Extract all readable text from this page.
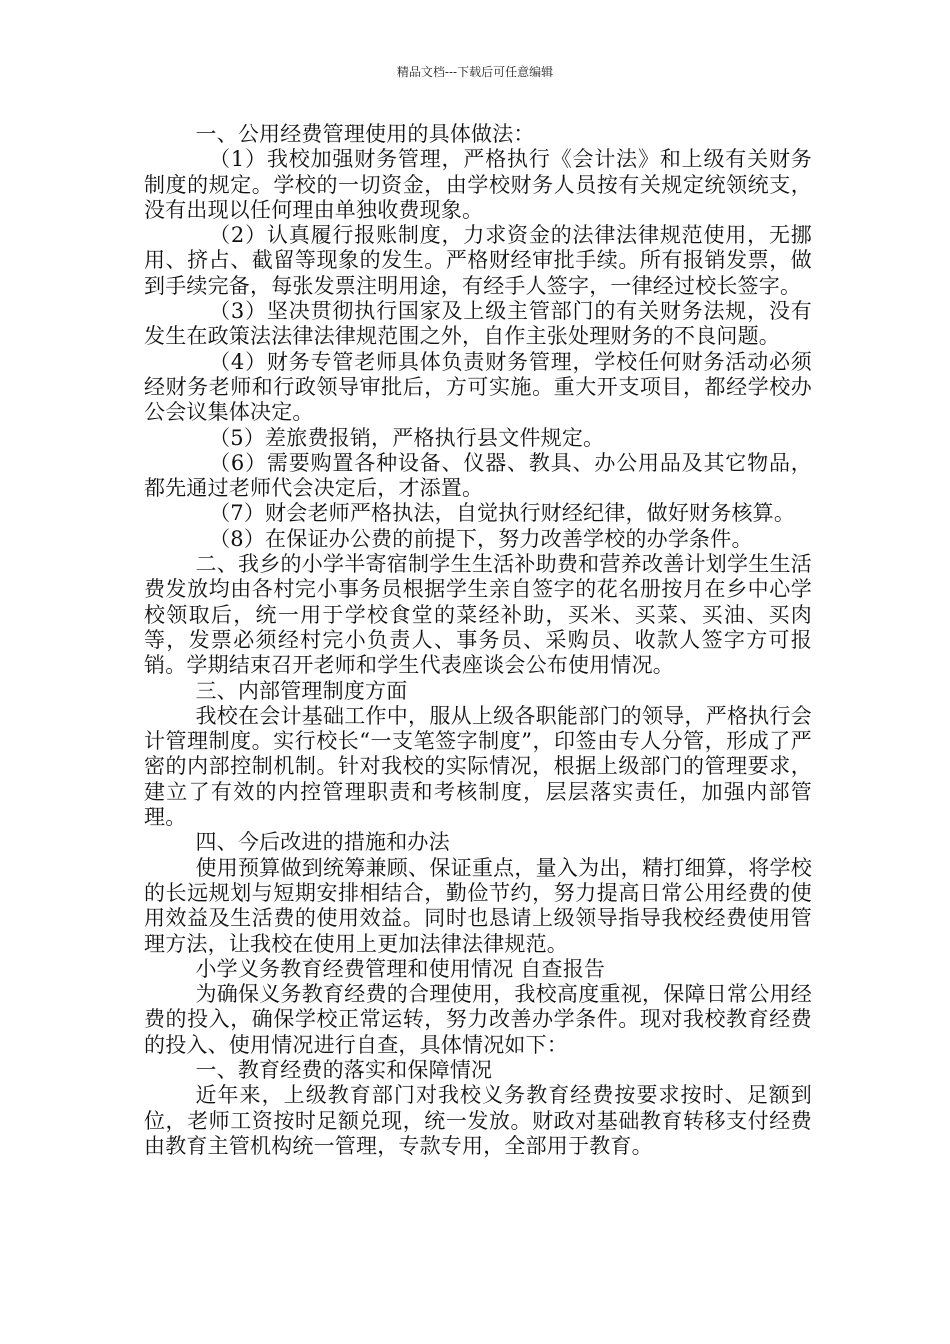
精品文档---下载后可任意编辑

一、公用经费管理使用的具体做法：

（1）我校加强财务管理，严格执行《会计法》和上级有关财务制度的规定。学校的一切资金，由学校财务人员按有关规定统领统支，没有出现以任何理由单独收费现象。

（2）认真履行报账制度，力求资金的法律法律规范使用，无挪用、挤占、截留等现象的发生。严格财经审批手续。所有报销发票，做到手续完备，每张发票注明用途，有经手人签字，一律经过校长签字。

（3）坚决贯彻执行国家及上级主管部门的有关财务法规，没有发生在政策法法律法律规范围之外，自作主张处理财务的不良问题。

（4）财务专管老师具体负责财务管理，学校任何财务活动必须经财务老师和行政领导审批后，方可实施。重大开支项目，都经学校办公会议集体决定。

（5）差旅费报销，严格执行县文件规定。

（6）需要购置各种设备、仪器、教具、办公用品及其它物品，都先通过老师代会决定后，才添置。

（7）财会老师严格执法，自觉执行财经纪律，做好财务核算。

（8）在保证办公费的前提下，努力改善学校的办学条件。

二、我乡的小学半寄宿制学生生活补助费和营养改善计划学生生活费发放均由各村完小事务员根据学生亲自签字的花名册按月在乡中心学校领取后，统一用于学校食堂的菜经补助，买米、买菜、买油、买肉等，发票必须经村完小负责人、事务员、采购员、收款人签字方可报销。学期结束召开老师和学生代表座谈会公布使用情况。

三、内部管理制度方面

我校在会计基础工作中，服从上级各职能部门的领导，严格执行会计管理制度。实行校长“一支笔签字制度”，印签由专人分管，形成了严密的内部控制机制。针对我校的实际情况，根据上级部门的管理要求，建立了有效的内控管理职责和考核制度，层层落实责任，加强内部管理。

四、今后改进的措施和办法

使用预算做到统筹兼顾、保证重点，量入为出，精打细算，将学校的长远规划与短期安排相结合，勤俭节约，努力提高日常公用经费的使用效益及生活费的使用效益。同时也恳请上级领导指导我校经费使用管理方法，让我校在使用上更加法律法律规范。

小学义务教育经费管理和使用情况 自查报告

为确保义务教育经费的合理使用，我校高度重视，保障日常公用经费的投入，确保学校正常运转，努力改善办学条件。现对我校教育经费的投入、使用情况进行自查，具体情况如下：

一、教育经费的落实和保障情况

近年来，上级教育部门对我校义务教育经费按要求按时、足额到位，老师工资按时足额兑现，统一发放。财政对基础教育转移支付经费由教育主管机构统一管理，专款专用，全部用于教育。
